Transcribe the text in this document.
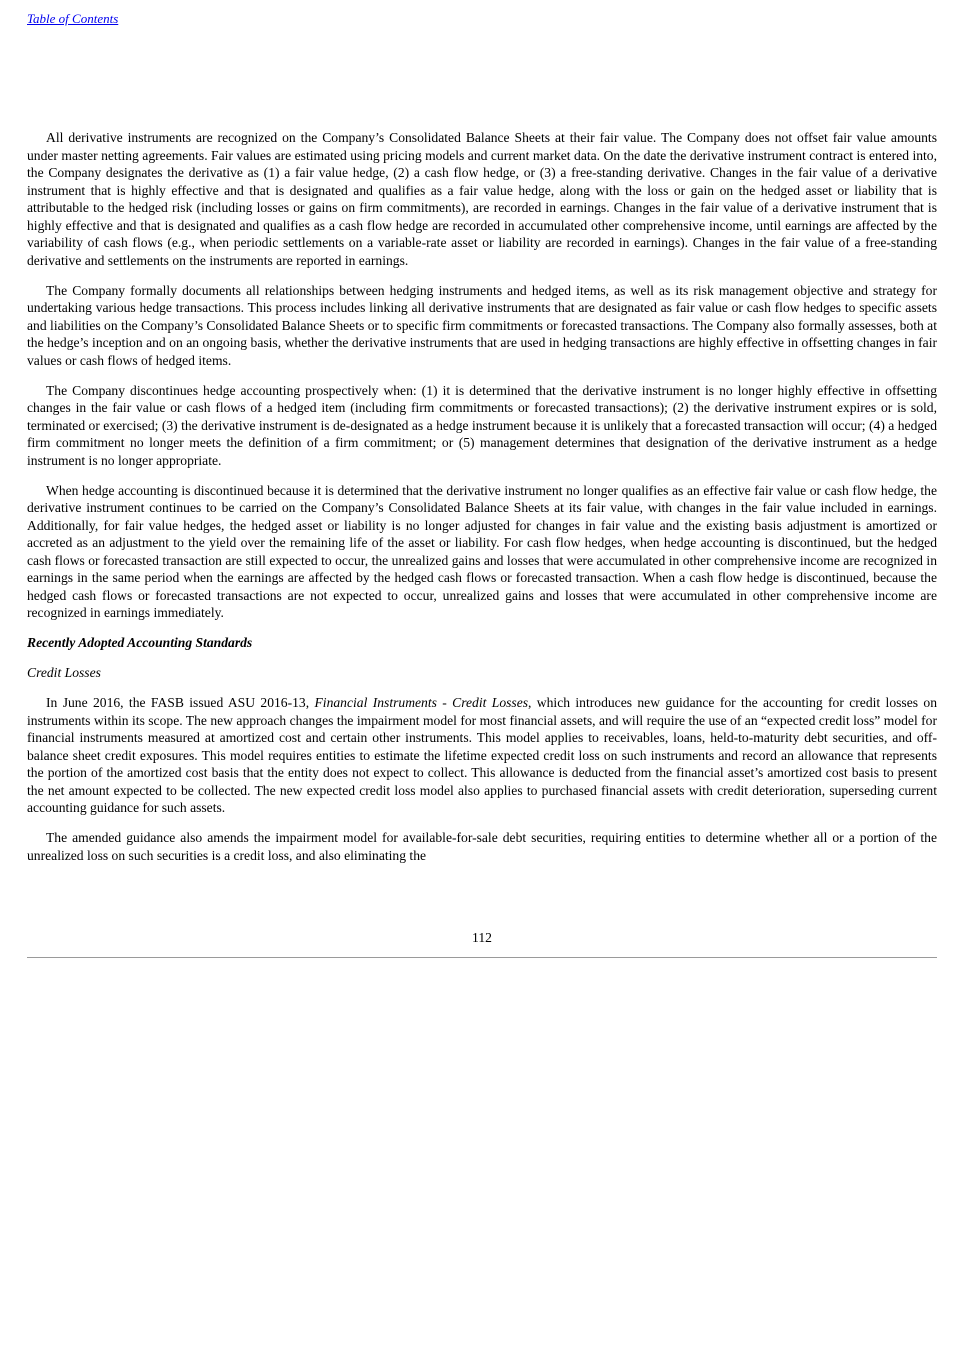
Table of Contents

All derivative instruments are recognized on the Company’s Consolidated Balance Sheets at their fair value. The Company does not offset fair value amounts under master netting agreements. Fair values are estimated using pricing models and current market data. On the date the derivative instrument contract is entered into, the Company designates the derivative as (1) a fair value hedge, (2) a cash flow hedge, or (3) a free-standing derivative. Changes in the fair value of a derivative instrument that is highly effective and that is designated and qualifies as a fair value hedge, along with the loss or gain on the hedged asset or liability that is attributable to the hedged risk (including losses or gains on firm commitments), are recorded in earnings. Changes in the fair value of a derivative instrument that is highly effective and that is designated and qualifies as a cash flow hedge are recorded in accumulated other comprehensive income, until earnings are affected by the variability of cash flows (e.g., when periodic settlements on a variable-rate asset or liability are recorded in earnings). Changes in the fair value of a free-standing derivative and settlements on the instruments are reported in earnings.

The Company formally documents all relationships between hedging instruments and hedged items, as well as its risk management objective and strategy for undertaking various hedge transactions. This process includes linking all derivative instruments that are designated as fair value or cash flow hedges to specific assets and liabilities on the Company’s Consolidated Balance Sheets or to specific firm commitments or forecasted transactions. The Company also formally assesses, both at the hedge’s inception and on an ongoing basis, whether the derivative instruments that are used in hedging transactions are highly effective in offsetting changes in fair values or cash flows of hedged items.

The Company discontinues hedge accounting prospectively when: (1) it is determined that the derivative instrument is no longer highly effective in offsetting changes in the fair value or cash flows of a hedged item (including firm commitments or forecasted transactions); (2) the derivative instrument expires or is sold, terminated or exercised; (3) the derivative instrument is de-designated as a hedge instrument because it is unlikely that a forecasted transaction will occur; (4) a hedged firm commitment no longer meets the definition of a firm commitment; or (5) management determines that designation of the derivative instrument as a hedge instrument is no longer appropriate.

When hedge accounting is discontinued because it is determined that the derivative instrument no longer qualifies as an effective fair value or cash flow hedge, the derivative instrument continues to be carried on the Company’s Consolidated Balance Sheets at its fair value, with changes in the fair value included in earnings. Additionally, for fair value hedges, the hedged asset or liability is no longer adjusted for changes in fair value and the existing basis adjustment is amortized or accreted as an adjustment to the yield over the remaining life of the asset or liability. For cash flow hedges, when hedge accounting is discontinued, but the hedged cash flows or forecasted transaction are still expected to occur, the unrealized gains and losses that were accumulated in other comprehensive income are recognized in earnings in the same period when the earnings are affected by the hedged cash flows or forecasted transaction. When a cash flow hedge is discontinued, because the hedged cash flows or forecasted transactions are not expected to occur, unrealized gains and losses that were accumulated in other comprehensive income are recognized in earnings immediately.

Recently Adopted Accounting Standards

Credit Losses

In June 2016, the FASB issued ASU 2016-13, Financial Instruments - Credit Losses, which introduces new guidance for the accounting for credit losses on instruments within its scope. The new approach changes the impairment model for most financial assets, and will require the use of an “expected credit loss” model for financial instruments measured at amortized cost and certain other instruments. This model applies to receivables, loans, held-to-maturity debt securities, and off-balance sheet credit exposures. This model requires entities to estimate the lifetime expected credit loss on such instruments and record an allowance that represents the portion of the amortized cost basis that the entity does not expect to collect. This allowance is deducted from the financial asset’s amortized cost basis to present the net amount expected to be collected. The new expected credit loss model also applies to purchased financial assets with credit deterioration, superseding current accounting guidance for such assets.

The amended guidance also amends the impairment model for available-for-sale debt securities, requiring entities to determine whether all or a portion of the unrealized loss on such securities is a credit loss, and also eliminating the

112
